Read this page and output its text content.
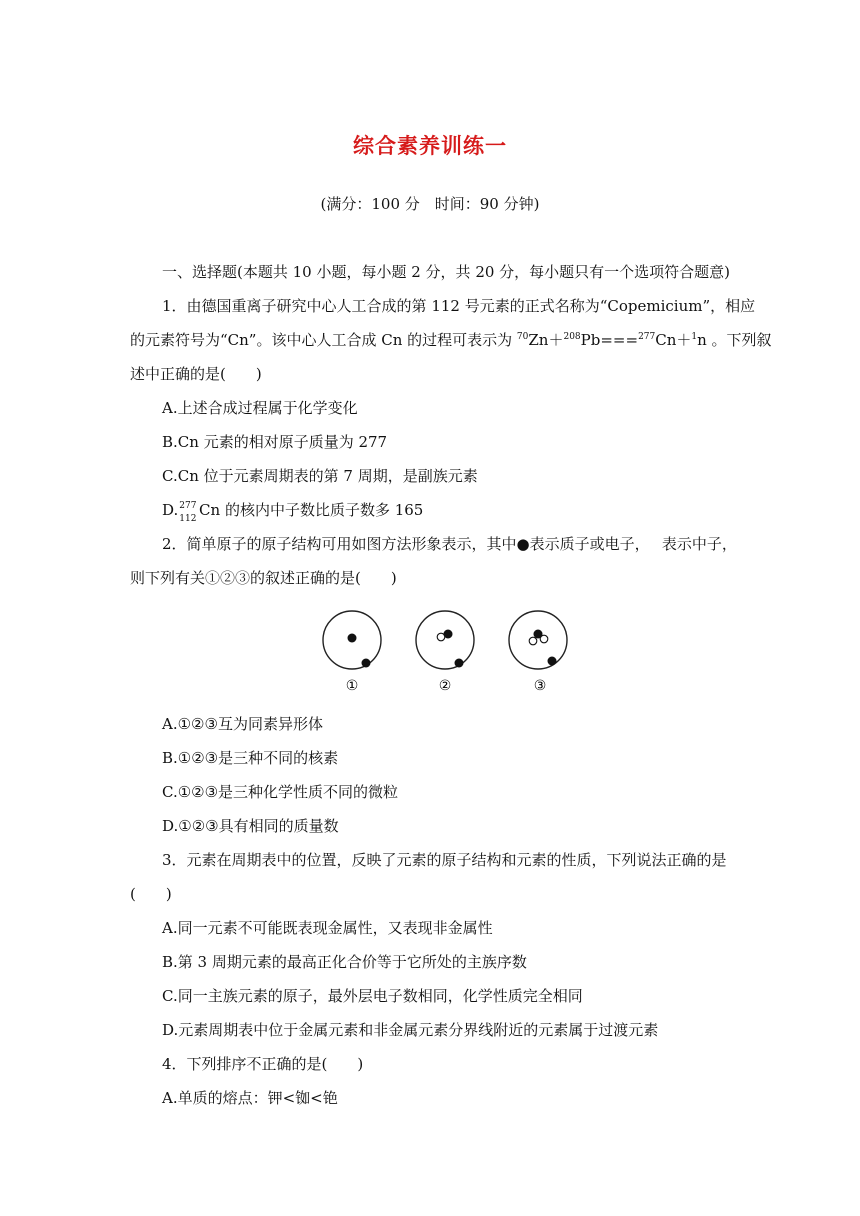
综合素养训练一
(满分：100 分　时间：90 分钟)
一、选择题(本题共 10 小题，每小题 2 分，共 20 分，每小题只有一个选项符合题意)
1．由德国重离子研究中心人工合成的第 112 号元素的正式名称为“Copemicium”，相应
的元素符号为“Cn”。该中心人工合成 Cn 的过程可表示为 $^{70}$Zn＋$^{208}$Pb===$^{277}$Cn＋$^1$n 。下列叙
述中正确的是(　　)
A.上述合成过程属于化学变化
B.Cn 元素的相对原子质量为 277
C.Cn 位于元素周期表的第 7 周期，是副族元素
D. 277
112
Cn 的核内中子数比质子数多 165
2．简单原子的原子结构可用如图方法形象表示，其中●表示质子或电子，　 表示中子，
则下列有关①②③的叙述正确的是(　　)
①	②	③
A.①②③互为同素异形体
B.①②③是三种不同的核素
C.①②③是三种化学性质不同的微粒
D.①②③具有相同的质量数
3．元素在周期表中的位置，反映了元素的原子结构和元素的性质，下列说法正确的是
(　　)
A.同一元素不可能既表现金属性，又表现非金属性
B.第 3 周期元素的最高正化合价等于它所处的主族序数
C.同一主族元素的原子，最外层电子数相同，化学性质完全相同
D.元素周期表中位于金属元素和非金属元素分界线附近的元素属于过渡元素
4．下列排序不正确的是(　　)
A.单质的熔点：钾<铷<铯
